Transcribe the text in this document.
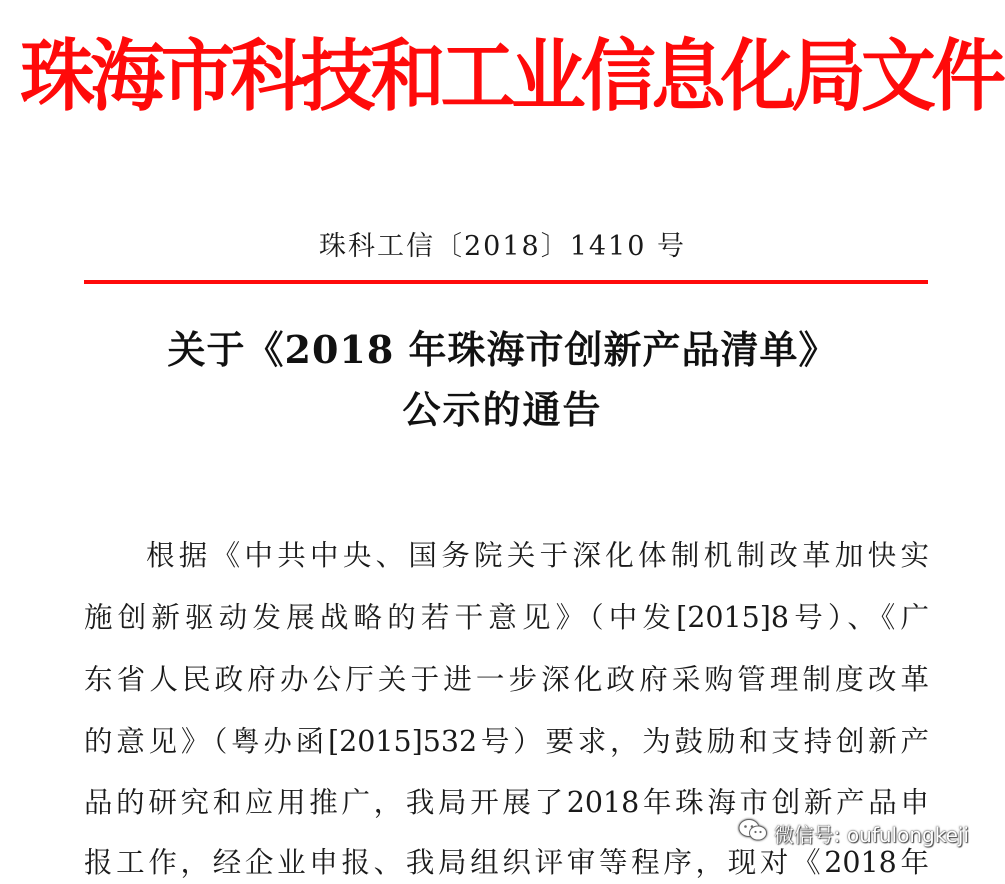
珠海市科技和工业信息化局文件
珠科工信〔2018〕1410 号
关于《2018 年珠海市创新产品清单》
公示的通告
根据《中共中央、国务院关于深化体制机制改革加快实
施创新驱动发展战略的若干意见》（中发[2015]8号）、《广
东省人民政府办公厅关于进一步深化政府采购管理制度改革
的意见》（粤办函[2015]532号）要求，为鼓励和支持创新产
品的研究和应用推广，我局开展了2018年珠海市创新产品申
报工作，经企业申报、我局组织评审等程序，现对《2018年
微信号: oufulongkeji
